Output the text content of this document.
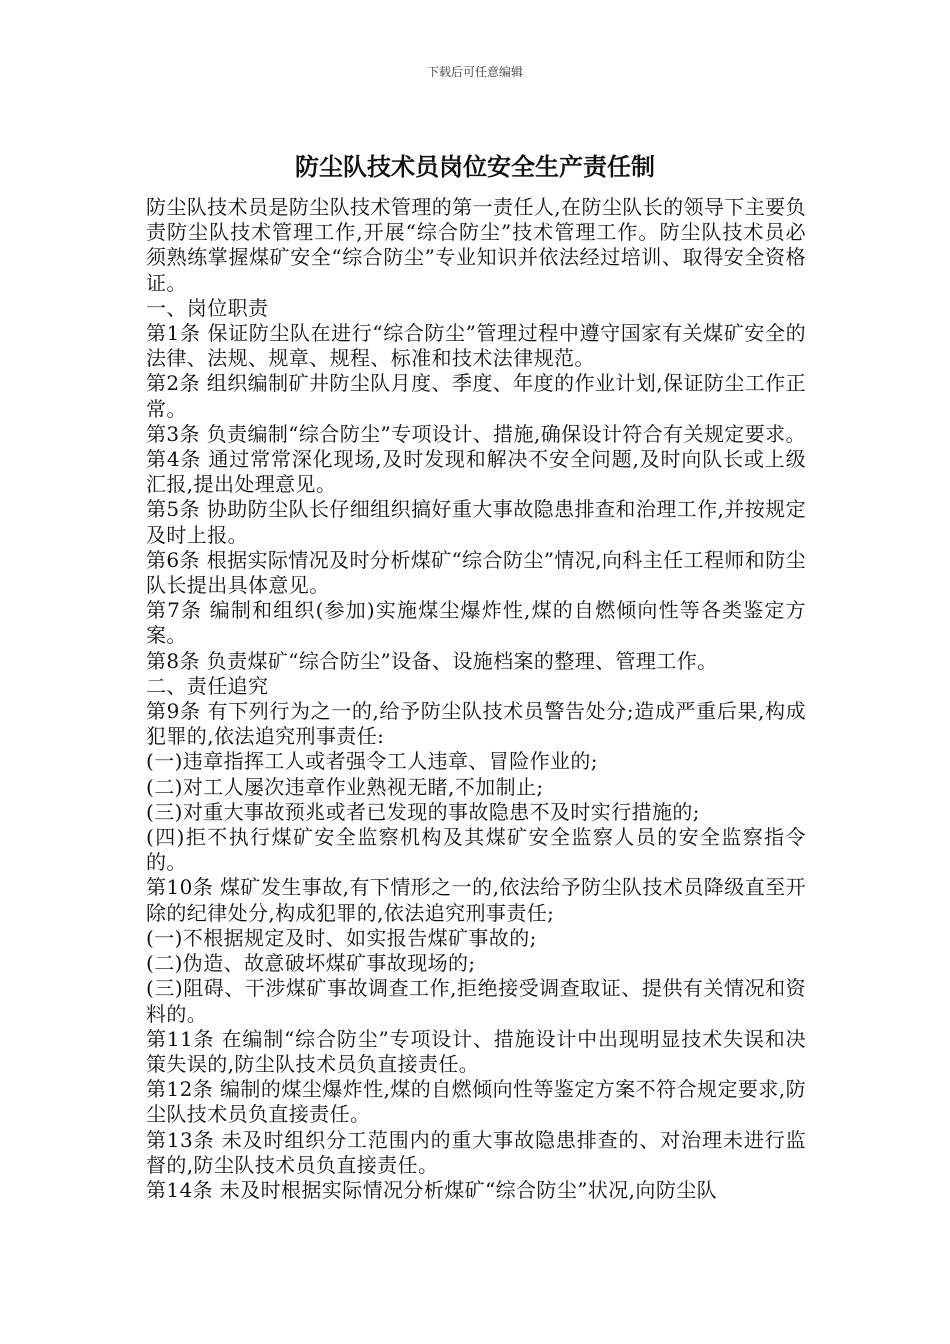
下载后可任意编辑
防尘队技术员岗位安全生产责任制

防尘队技术员是防尘队技术管理的第一责任人,在防尘队长的领导下主要负责防尘队技术管理工作,开展“综合防尘”技术管理工作。防尘队技术员必须熟练掌握煤矿安全“综合防尘”专业知识并依法经过培训、取得安全资格证。

一、岗位职责

第1条 保证防尘队在进行“综合防尘”管理过程中遵守国家有关煤矿安全的法律、法规、规章、规程、标准和技术法律规范。

第2条 组织编制矿井防尘队月度、季度、年度的作业计划,保证防尘工作正常。

第3条 负责编制“综合防尘”专项设计、措施,确保设计符合有关规定要求。

第4条 通过常常深化现场,及时发现和解决不安全问题,及时向队长或上级汇报,提出处理意见。

第5条 协助防尘队长仔细组织搞好重大事故隐患排查和治理工作,并按规定及时上报。

第6条 根据实际情况及时分析煤矿“综合防尘”情况,向科主任工程师和防尘队长提出具体意见。

第7条 编制和组织(参加)实施煤尘爆炸性,煤的自燃倾向性等各类鉴定方案。

第8条 负责煤矿“综合防尘”设备、设施档案的整理、管理工作。

二、责任追究

第9条 有下列行为之一的,给予防尘队技术员警告处分;造成严重后果,构成犯罪的,依法追究刑事责任:

(一)违章指挥工人或者强令工人违章、冒险作业的;

(二)对工人屡次违章作业熟视无睹,不加制止;

(三)对重大事故预兆或者已发现的事故隐患不及时实行措施的;

(四)拒不执行煤矿安全监察机构及其煤矿安全监察人员的安全监察指令的。

第10条 煤矿发生事故,有下情形之一的,依法给予防尘队技术员降级直至开除的纪律处分,构成犯罪的,依法追究刑事责任;

(一)不根据规定及时、如实报告煤矿事故的;

(二)伪造、故意破坏煤矿事故现场的;

(三)阻碍、干涉煤矿事故调查工作,拒绝接受调查取证、提供有关情况和资料的。

第11条 在编制“综合防尘”专项设计、措施设计中出现明显技术失误和决策失误的,防尘队技术员负直接责任。

第12条 编制的煤尘爆炸性,煤的自燃倾向性等鉴定方案不符合规定要求,防尘队技术员负直接责任。

第13条 未及时组织分工范围内的重大事故隐患排查的、对治理未进行监督的,防尘队技术员负直接责任。

第14条 未及时根据实际情况分析煤矿“综合防尘”状况,向防尘队
